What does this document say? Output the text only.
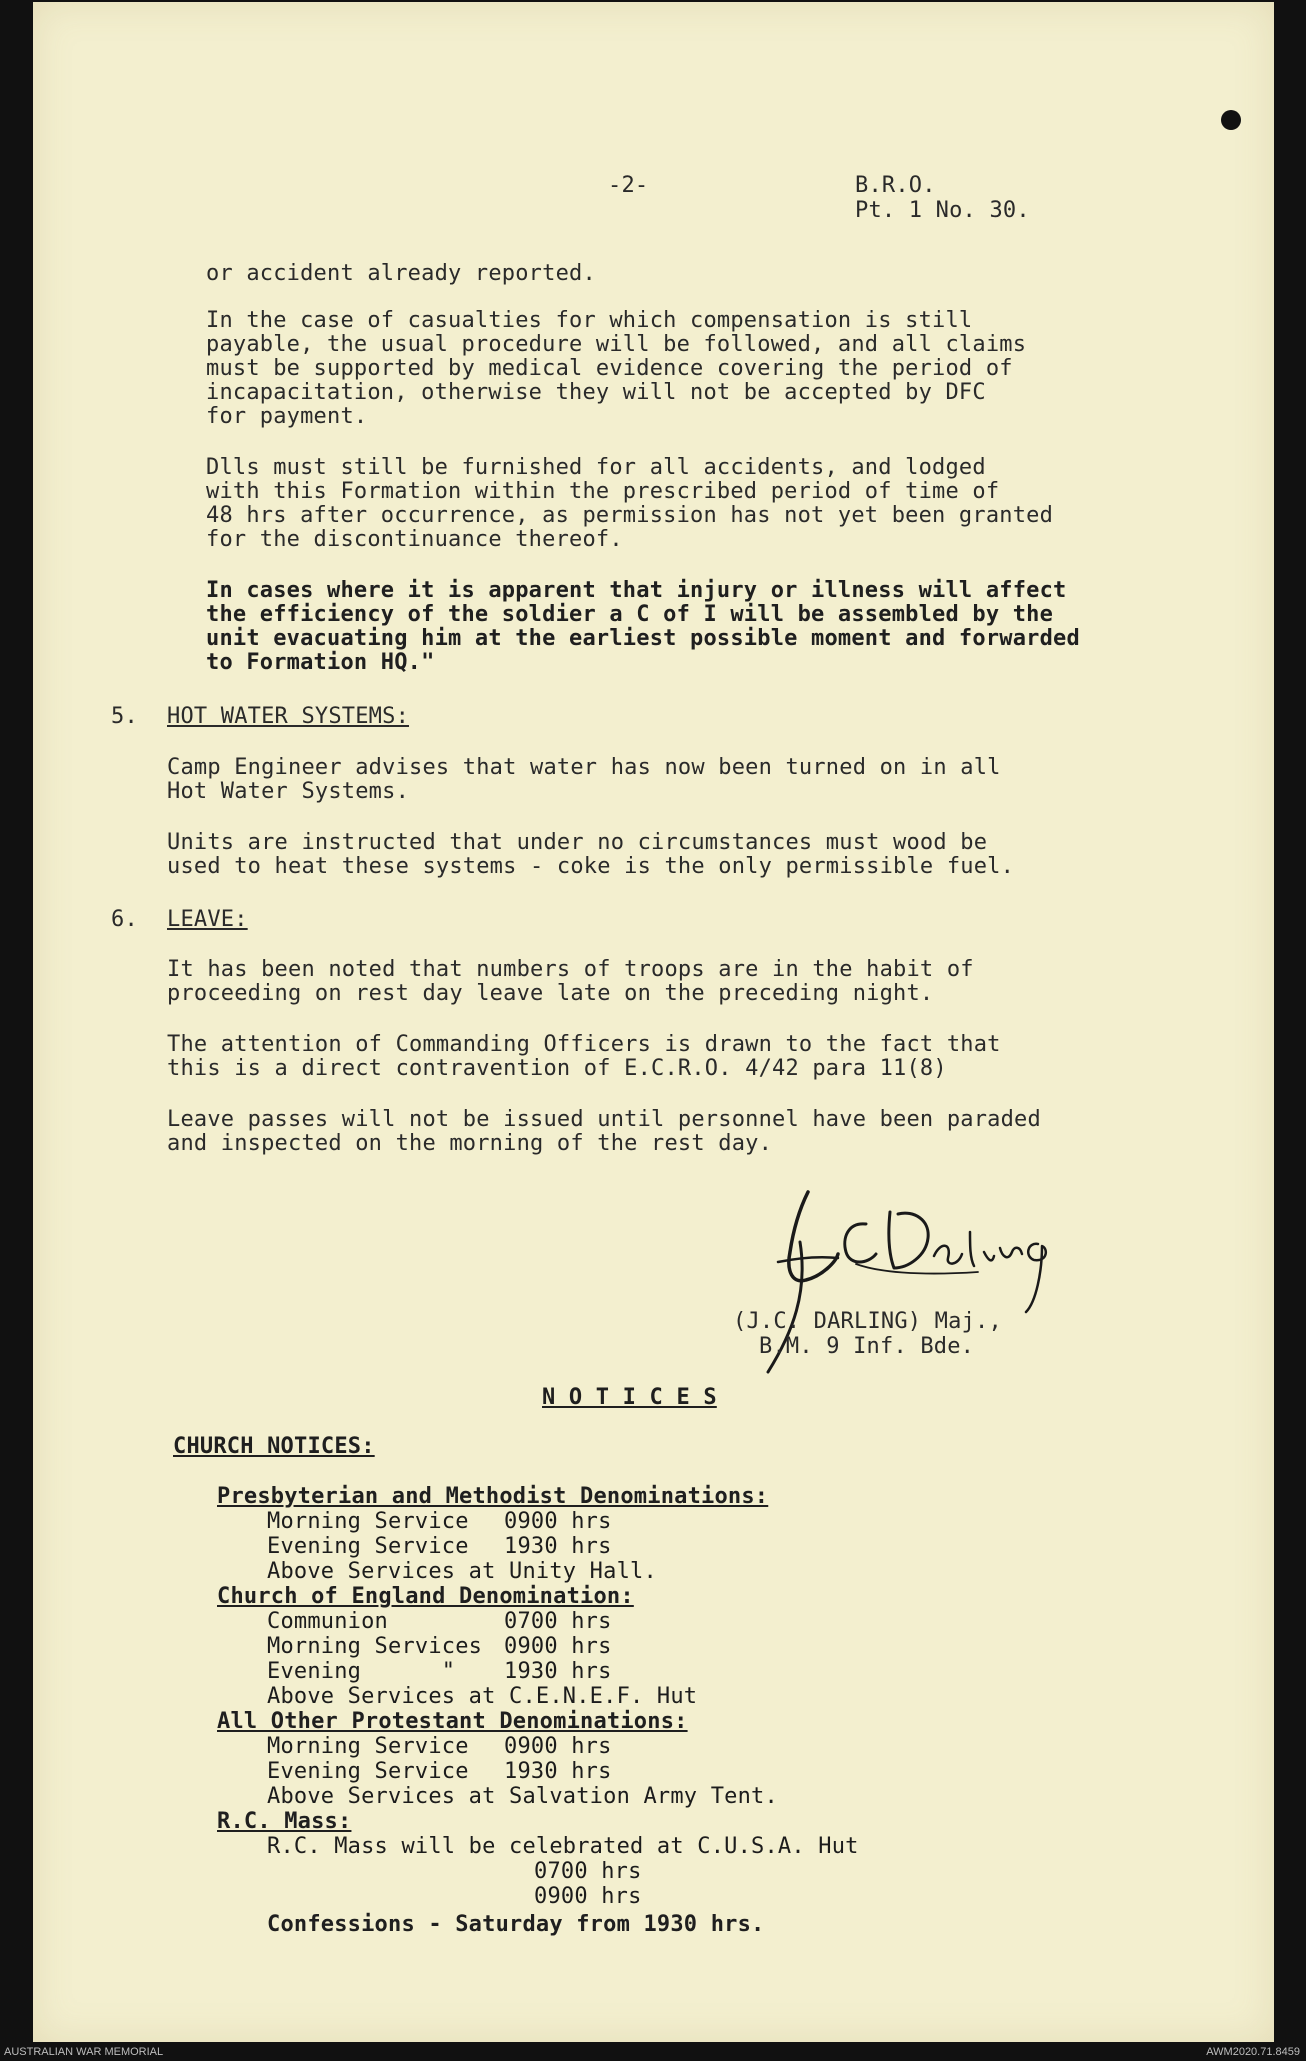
-2-	B.R.O.

Pt. 1 No. 30.

or accident already reported.

In the case of casualties for which compensation is still

payable, the usual procedure will be followed, and all claims

must be supported by medical evidence covering the period of

incapacitation, otherwise they will not be accepted by DFC

for payment.

Dlls must still be furnished for all accidents, and lodged

with this Formation within the prescribed period of time of

48 hrs after occurrence, as permission has not yet been granted

for the discontinuance thereof.

In cases where it is apparent that injury or illness will affect

the efficiency of the soldier a C of I will be assembled by the

unit evacuating him at the earliest possible moment and forwarded

to Formation HQ."

5. HOT WATER SYSTEMS:

Camp Engineer advises that water has now been turned on in all

Hot Water Systems.

Units are instructed that under no circumstances must wood be

used to heat these systems - coke is the only permissible fuel.

6. LEAVE:

It has been noted that numbers of troops are in the habit of

proceeding on rest day leave late on the preceding night.

The attention of Commanding Officers is drawn to the fact that

this is a direct contravention of E.C.R.O. 4/42 para 11(8)

Leave passes will not be issued until personnel have been paraded

and inspected on the morning of the rest day.

(J.C. DARLING) Maj.,

B.M. 9 Inf. Bde.

N O T I C E S

CHURCH NOTICES:

Presbyterian and Methodist Denominations:

Morning Service 0900 hrs

Evening Service 1930 hrs

Above Services at Unity Hall.

Church of England Denomination:

Communion	0700 hrs

Morning Services 0900 hrs

Evening      " 1930 hrs

Above Services at C.E.N.E.F. Hut

All Other Protestant Denominations:

Morning Service 0900 hrs

Evening Service 1930 hrs

Above Services at Salvation Army Tent.

R.C. Mass:

R.C. Mass will be celebrated at C.U.S.A. Hut

0700 hrs

0900 hrs

Confessions - Saturday from 1930 hrs.

AUSTRALIAN WAR MEMORIAL	AWM2020.71.8459
